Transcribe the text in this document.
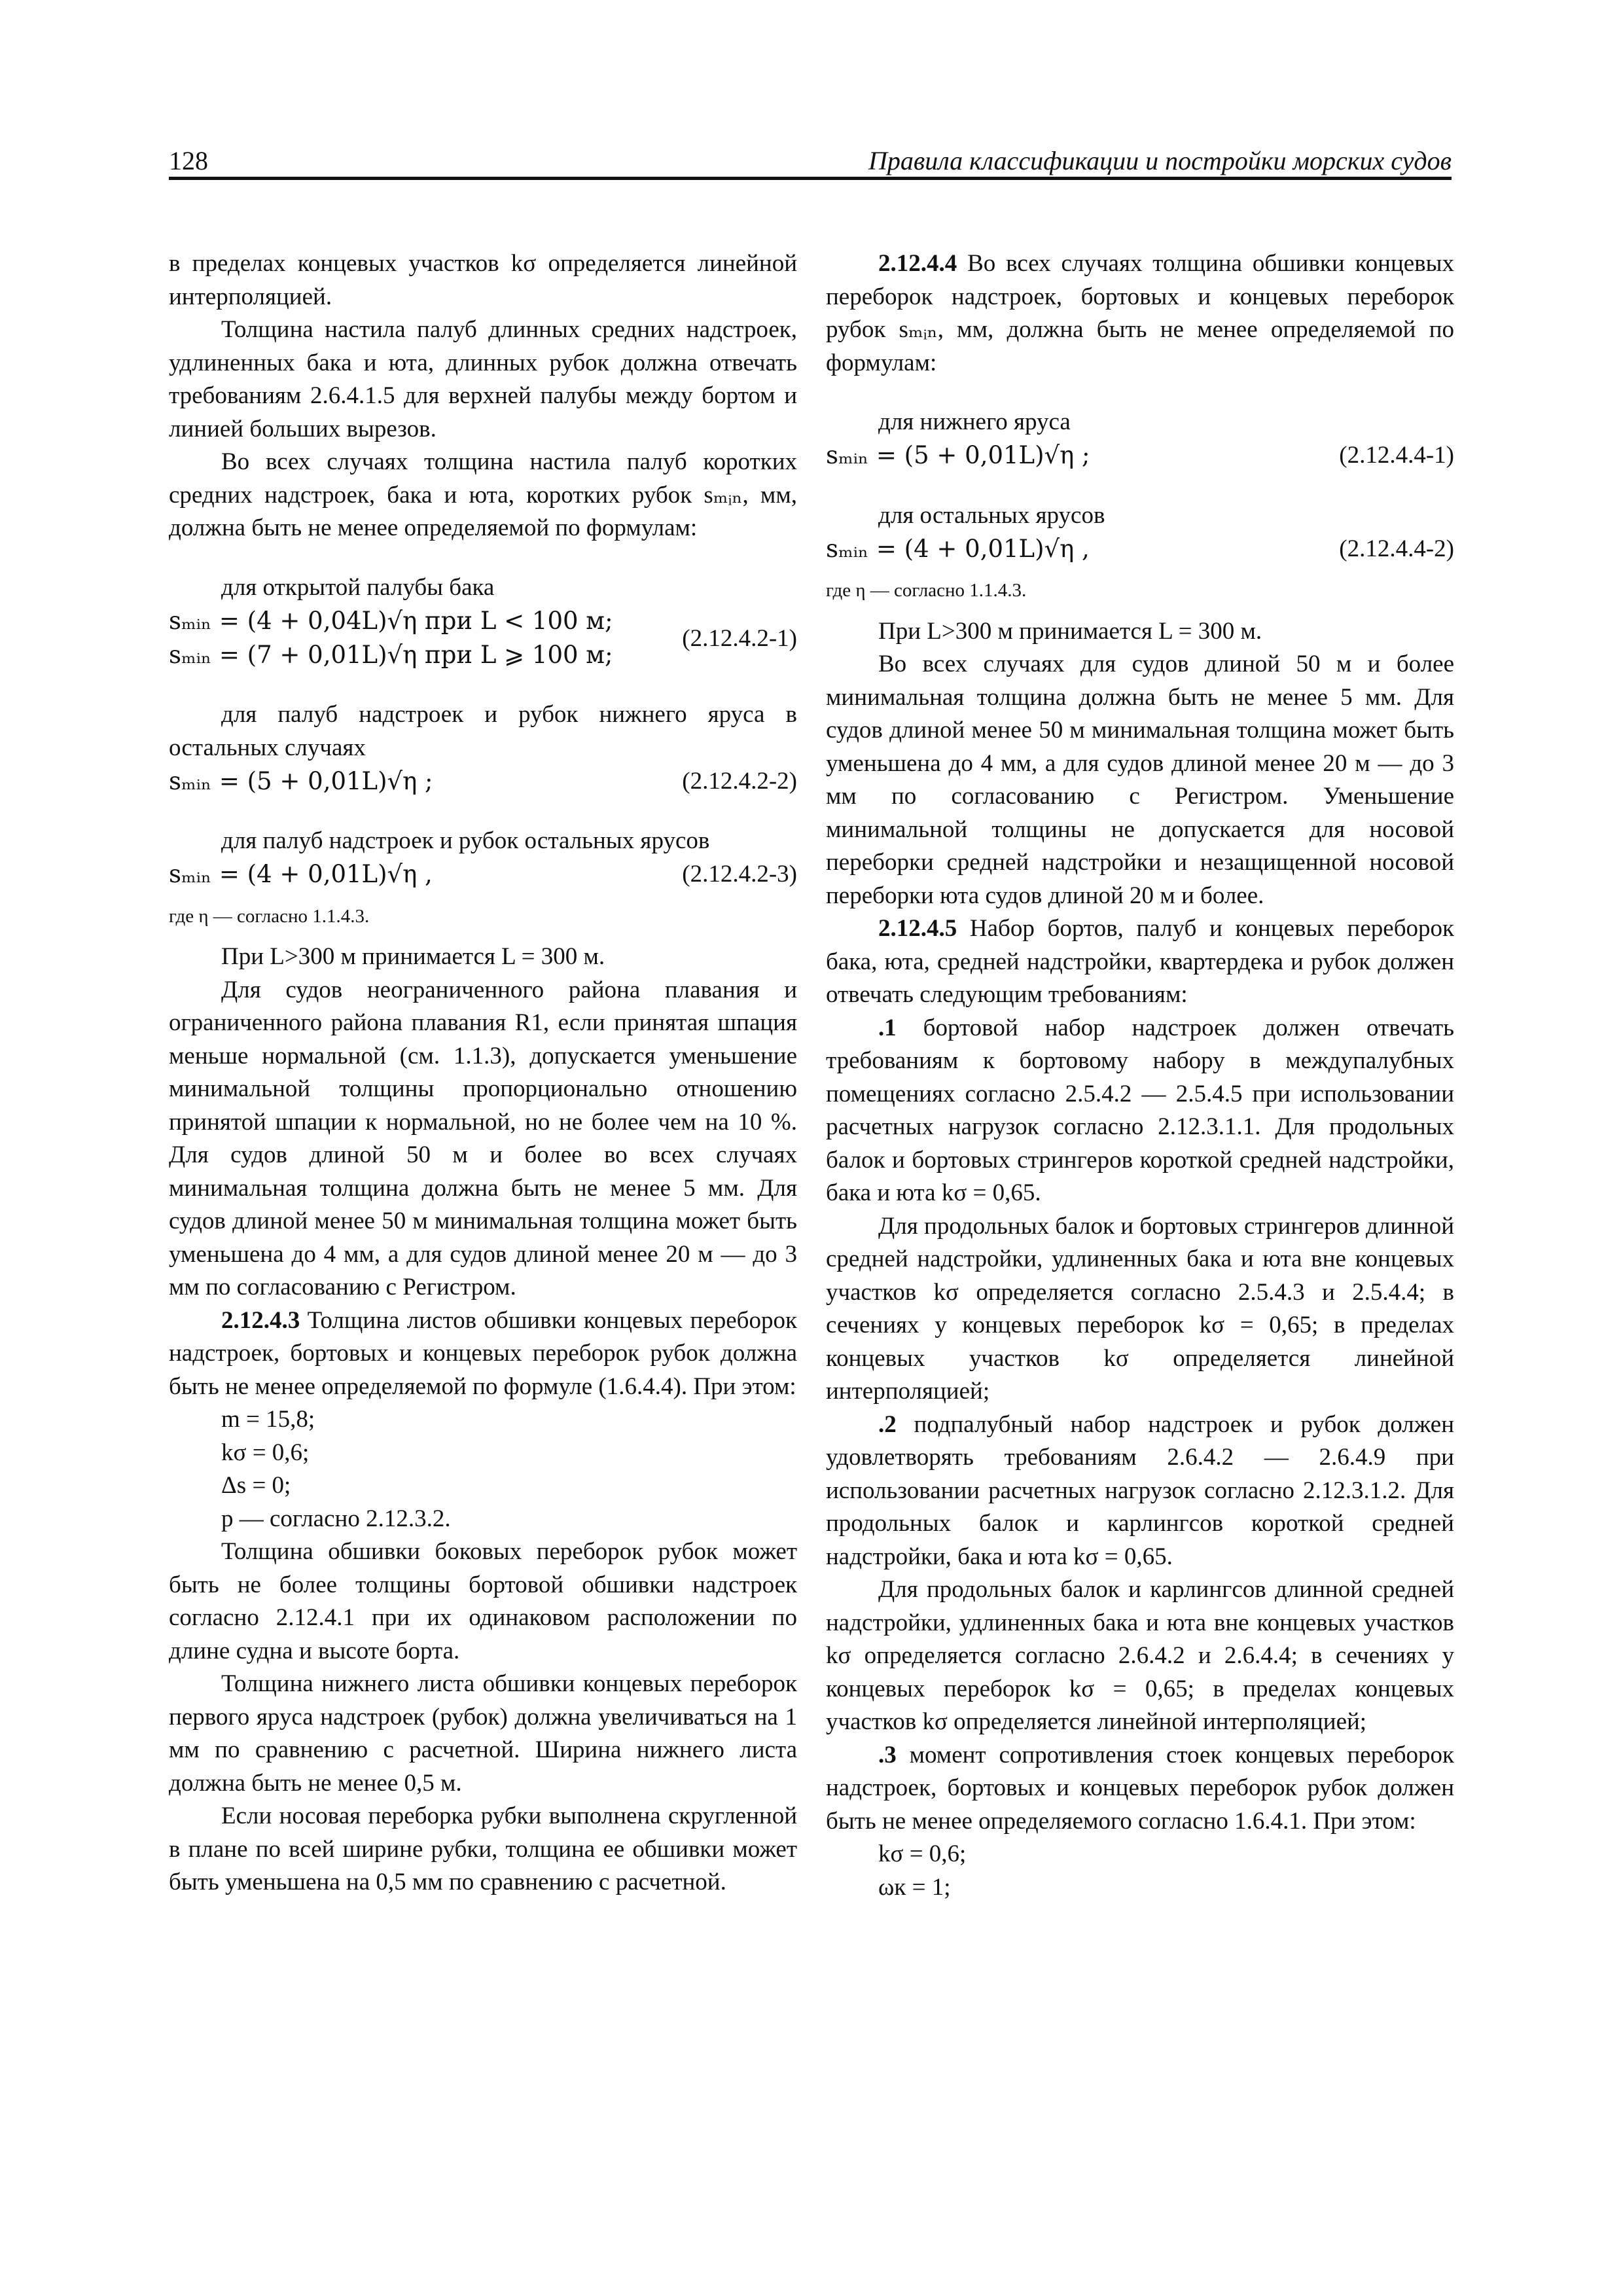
128	Правила классификации и постройки морских судов

в пределах концевых участков kσ определяется линейной интерполяцией.

Толщина настила палуб длинных средних надстроек, удлиненных бака и юта, длинных рубок должна отвечать требованиям 2.6.4.1.5 для верхней палубы между бортом и линией больших вырезов.

Во всех случаях толщина настила палуб коротких средних надстроек, бака и юта, коротких рубок sₘᵢₙ, мм, должна быть не менее определяемой по формулам:

для открытой палубы бака

sₘᵢₙ = (4 + 0,04L)√η при L < 100 м;
sₘᵢₙ = (7 + 0,01L)√η при L ⩾ 100 м;
(2.12.4.2-1)

для палуб надстроек и рубок нижнего яруса в остальных случаях

sₘᵢₙ = (5 + 0,01L)√η ;	(2.12.4.2-2)

для палуб надстроек и рубок остальных ярусов

sₘᵢₙ = (4 + 0,01L)√η ,	(2.12.4.2-3)

где η — согласно 1.1.4.3.

При L>300 м принимается L = 300 м.

Для судов неограниченного района плавания и ограниченного района плавания R1, если принятая шпация меньше нормальной (см. 1.1.3), допускается уменьшение минимальной толщины пропорционально отношению принятой шпации к нормальной, но не более чем на 10 %. Для судов длиной 50 м и более во всех случаях минимальная толщина должна быть не менее 5 мм. Для судов длиной менее 50 м минимальная толщина может быть уменьшена до 4 мм, а для судов длиной менее 20 м — до 3 мм по согласованию с Регистром.

2.12.4.3 Толщина листов обшивки концевых переборок надстроек, бортовых и концевых переборок рубок должна быть не менее определяемой по формуле (1.6.4.4). При этом:

m = 15,8;

kσ = 0,6;

Δs = 0;

p — согласно 2.12.3.2.

Толщина обшивки боковых переборок рубок может быть не более толщины бортовой обшивки надстроек согласно 2.12.4.1 при их одинаковом расположении по длине судна и высоте борта.

Толщина нижнего листа обшивки концевых переборок первого яруса надстроек (рубок) должна увеличиваться на 1 мм по сравнению с расчетной. Ширина нижнего листа должна быть не менее 0,5 м.

Если носовая переборка рубки выполнена скругленной в плане по всей ширине рубки, толщина ее обшивки может быть уменьшена на 0,5 мм по сравнению с расчетной.

2.12.4.4 Во всех случаях толщина обшивки концевых переборок надстроек, бортовых и концевых переборок рубок sₘᵢₙ, мм, должна быть не менее определяемой по формулам:

для нижнего яруса

sₘᵢₙ = (5 + 0,01L)√η ;	(2.12.4.4-1)

для остальных ярусов

sₘᵢₙ = (4 + 0,01L)√η ,	(2.12.4.4-2)

где η — согласно 1.1.4.3.

При L>300 м принимается L = 300 м.

Во всех случаях для судов длиной 50 м и более минимальная толщина должна быть не менее 5 мм. Для судов длиной менее 50 м минимальная толщина может быть уменьшена до 4 мм, а для судов длиной менее 20 м — до 3 мм по согласованию с Регистром. Уменьшение минимальной толщины не допускается для носовой переборки средней надстройки и незащищенной носовой переборки юта судов длиной 20 м и более.

2.12.4.5 Набор бортов, палуб и концевых переборок бака, юта, средней надстройки, квартердека и рубок должен отвечать следующим требованиям:

.1 бортовой набор надстроек должен отвечать требованиям к бортовому набору в междупалубных помещениях согласно 2.5.4.2 — 2.5.4.5 при использовании расчетных нагрузок согласно 2.12.3.1.1. Для продольных балок и бортовых стрингеров короткой средней надстройки, бака и юта kσ = 0,65.

Для продольных балок и бортовых стрингеров длинной средней надстройки, удлиненных бака и юта вне концевых участков kσ определяется согласно 2.5.4.3 и 2.5.4.4; в сечениях у концевых переборок kσ = 0,65; в пределах концевых участков kσ определяется линейной интерполяцией;

.2 подпалубный набор надстроек и рубок должен удовлетворять требованиям 2.6.4.2 — 2.6.4.9 при использовании расчетных нагрузок согласно 2.12.3.1.2. Для продольных балок и карлингсов короткой средней надстройки, бака и юта kσ = 0,65.

Для продольных балок и карлингсов длинной средней надстройки, удлиненных бака и юта вне концевых участков kσ определяется согласно 2.6.4.2 и 2.6.4.4; в сечениях у концевых переборок kσ = 0,65; в пределах концевых участков kσ определяется линейной интерполяцией;

.3 момент сопротивления стоек концевых переборок надстроек, бортовых и концевых переборок рубок должен быть не менее определяемого согласно 1.6.4.1. При этом:

kσ = 0,6;

ωк = 1;
